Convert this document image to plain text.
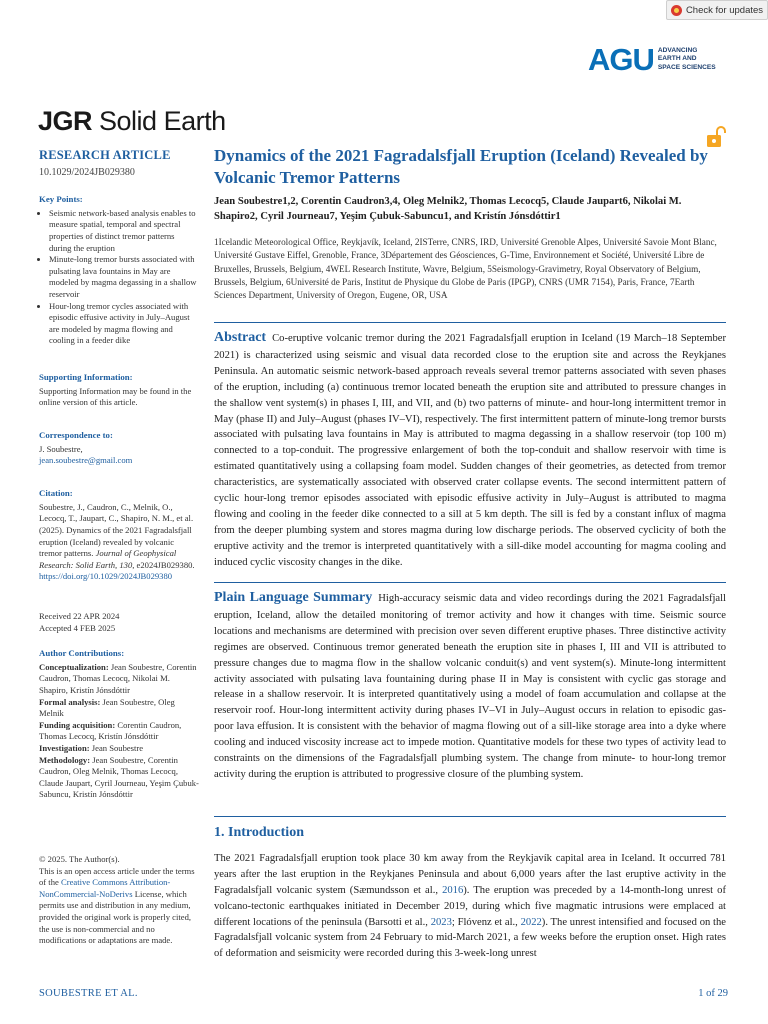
Check for updates
AGU ADVANCING
EARTH AND
SPACE SCIENCES
JGR Solid Earth
RESEARCH ARTICLE
10.1029/2024JB029380
Key Points:
• Seismic network-based analysis enables to measure spatial, temporal and spectral properties of distinct tremor patterns during the eruption
• Minute-long tremor bursts associated with pulsating lava fountains in May are modeled by magma degassing in a shallow reservoir
• Hour-long tremor cycles associated with episodic effusive activity in July–August are modeled by magma flowing and cooling in a feeder dike
Supporting Information:

Supporting Information may be found in the online version of this article.

Correspondence to:

J. Soubestre,

jean.soubestre@gmail.com

Citation:

Soubestre, J., Caudron, C., Melnik, O., Lecocq, T., Jaupart, C., Shapiro, N. M., et al. (2025). Dynamics of the 2021 Fagradalsfjall eruption (Iceland) revealed by volcanic tremor patterns. Journal of Geophysical Research: Solid Earth, 130, e2024JB029380. https://doi.org/10.1029/2024JB029380

Received 22 APR 2024

Accepted 4 FEB 2025

Author Contributions:

Conceptualization: Jean Soubestre, Corentin Caudron, Thomas Lecocq, Nikolai M. Shapiro, Kristín Jónsdóttir

Formal analysis: Jean Soubestre, Oleg Melnik

Funding acquisition: Corentin Caudron, Thomas Lecocq, Kristín Jónsdóttir

Investigation: Jean Soubestre

Methodology: Jean Soubestre, Corentin Caudron, Oleg Melnik, Thomas Lecocq, Claude Jaupart, Cyril Journeau, Yeşim Çubuk-Sabuncu, Kristín Jónsdóttir

© 2025. The Author(s).

This is an open access article under the terms of the Creative Commons Attribution-NonCommercial-NoDerivs License, which permits use and distribution in any medium, provided the original work is properly cited, the use is non-commercial and no modifications or adaptations are made.

Dynamics of the 2021 Fagradalsfjall Eruption (Iceland) Revealed by Volcanic Tremor Patterns
Jean Soubestre1,2, Corentin Caudron3,4, Oleg Melnik2, Thomas Lecocq5, Claude Jaupart6, Nikolai M. Shapiro2, Cyril Journeau7, Yeşim Çubuk-Sabuncu1, and Kristín Jónsdóttir1
1Icelandic Meteorological Office, Reykjavík, Iceland, 2ISTerre, CNRS, IRD, Université Grenoble Alpes, Université Savoie Mont Blanc, Université Gustave Eiffel, Grenoble, France, 3Département des Géosciences, G-Time, Environnement et Société, Université Libre de Bruxelles, Brussels, Belgium, 4WEL Research Institute, Wavre, Belgium, 5Seismology-Gravimetry, Royal Observatory of Belgium, Brussels, Belgium, 6Université de Paris, Institut de Physique du Globe de Paris (IPGP), CNRS (UMR 7154), Paris, France, 7Earth Sciences Department, University of Oregon, Eugene, OR, USA
Abstract Co-eruptive volcanic tremor during the 2021 Fagradalsfjall eruption in Iceland (19 March–18 September 2021) is characterized using seismic and visual data recorded close to the eruption site and across the Reykjanes Peninsula. An automatic seismic network-based approach reveals several tremor patterns associated with seven phases of the eruption, including (a) continuous tremor located beneath the eruption site and attributed to pressure changes in the shallow vent system(s) in phases I, III, and VII, and (b) two patterns of minute- and hour-long intermittent tremor in May (phase II) and July–August (phases IV–VI), respectively. The first intermittent pattern of minute-long tremor bursts associated with pulsating lava fountains in May is attributed to magma degassing in a shallow reservoir (top 100 m) connected to a top-conduit. The progressive enlargement of both the top-conduit and shallow reservoir with time is estimated quantitatively using a collapsing foam model. Sudden changes of their geometries, as detected from tremor characteristics, are systematically associated with observed crater collapse events. The second intermittent pattern of cyclic hour-long tremor episodes associated with episodic effusive activity in July–August is attributed to magma flowing and cooling in the feeder dike connected to a sill at 5 km depth. The sill is fed by a constant influx of magma from the deeper plumbing system and stores magma during low discharge periods. The observed cyclicity of both the eruptive activity and the tremor is interpreted quantitatively with a sill-dike model accounting for magma cooling and induced cyclic viscosity changes in the dike.
Plain Language Summary High-accuracy seismic data and video recordings during the 2021 Fagradalsfjall eruption, Iceland, allow the detailed monitoring of tremor activity and how it changes with time. Seismic source locations and mechanisms are determined with precision over seven different eruptive phases. Three distinctive activity regimes are observed. Continuous tremor generated beneath the eruption site in phases I, III and VII is attributed to pressure changes due to magma flow in the shallow volcanic conduit(s) and vent system(s). Minute-long intermittent activity associated with pulsating lava fountaining during phase II in May is consistent with cyclic gas storage and release in a shallow reservoir. It is interpreted quantitatively using a model of foam accumulation and collapse at the reservoir roof. Hour-long intermittent activity during phases IV–VI in July–August occurs in relation to episodic gas-poor lava effusion. It is consistent with the behavior of magma flowing out of a sill-like storage area into a dyke where cooling and induced viscosity increase act to impede motion. Quantitative models for these two types of activity lead to constraints on the dimensions of the Fagradalsfjall plumbing system. The change from minute- to hour-long tremor activity during the eruption is attributed to progressive closure of the plumbing system.
1. Introduction
The 2021 Fagradalsfjall eruption took place 30 km away from the Reykjavík capital area in Iceland. It occurred 781 years after the last eruption in the Reykjanes Peninsula and about 6,000 years after the last eruptive activity in the Fagradalsfjall volcanic system (Sæmundsson et al., 2016). The eruption was preceded by a 14-month-long unrest of volcano-tectonic earthquakes initiated in December 2019, during which five magmatic intrusions were emplaced at different locations of the peninsula (Barsotti et al., 2023; Flóvenz et al., 2022). The unrest intensified and focused on the Fagradalsfjall volcanic system from 24 February to mid-March 2021, a few weeks before the eruption onset. High rates of deformation and seismicity were recorded during this 3-week-long unrest
SOUBESTRE ET AL.	1 of 29
